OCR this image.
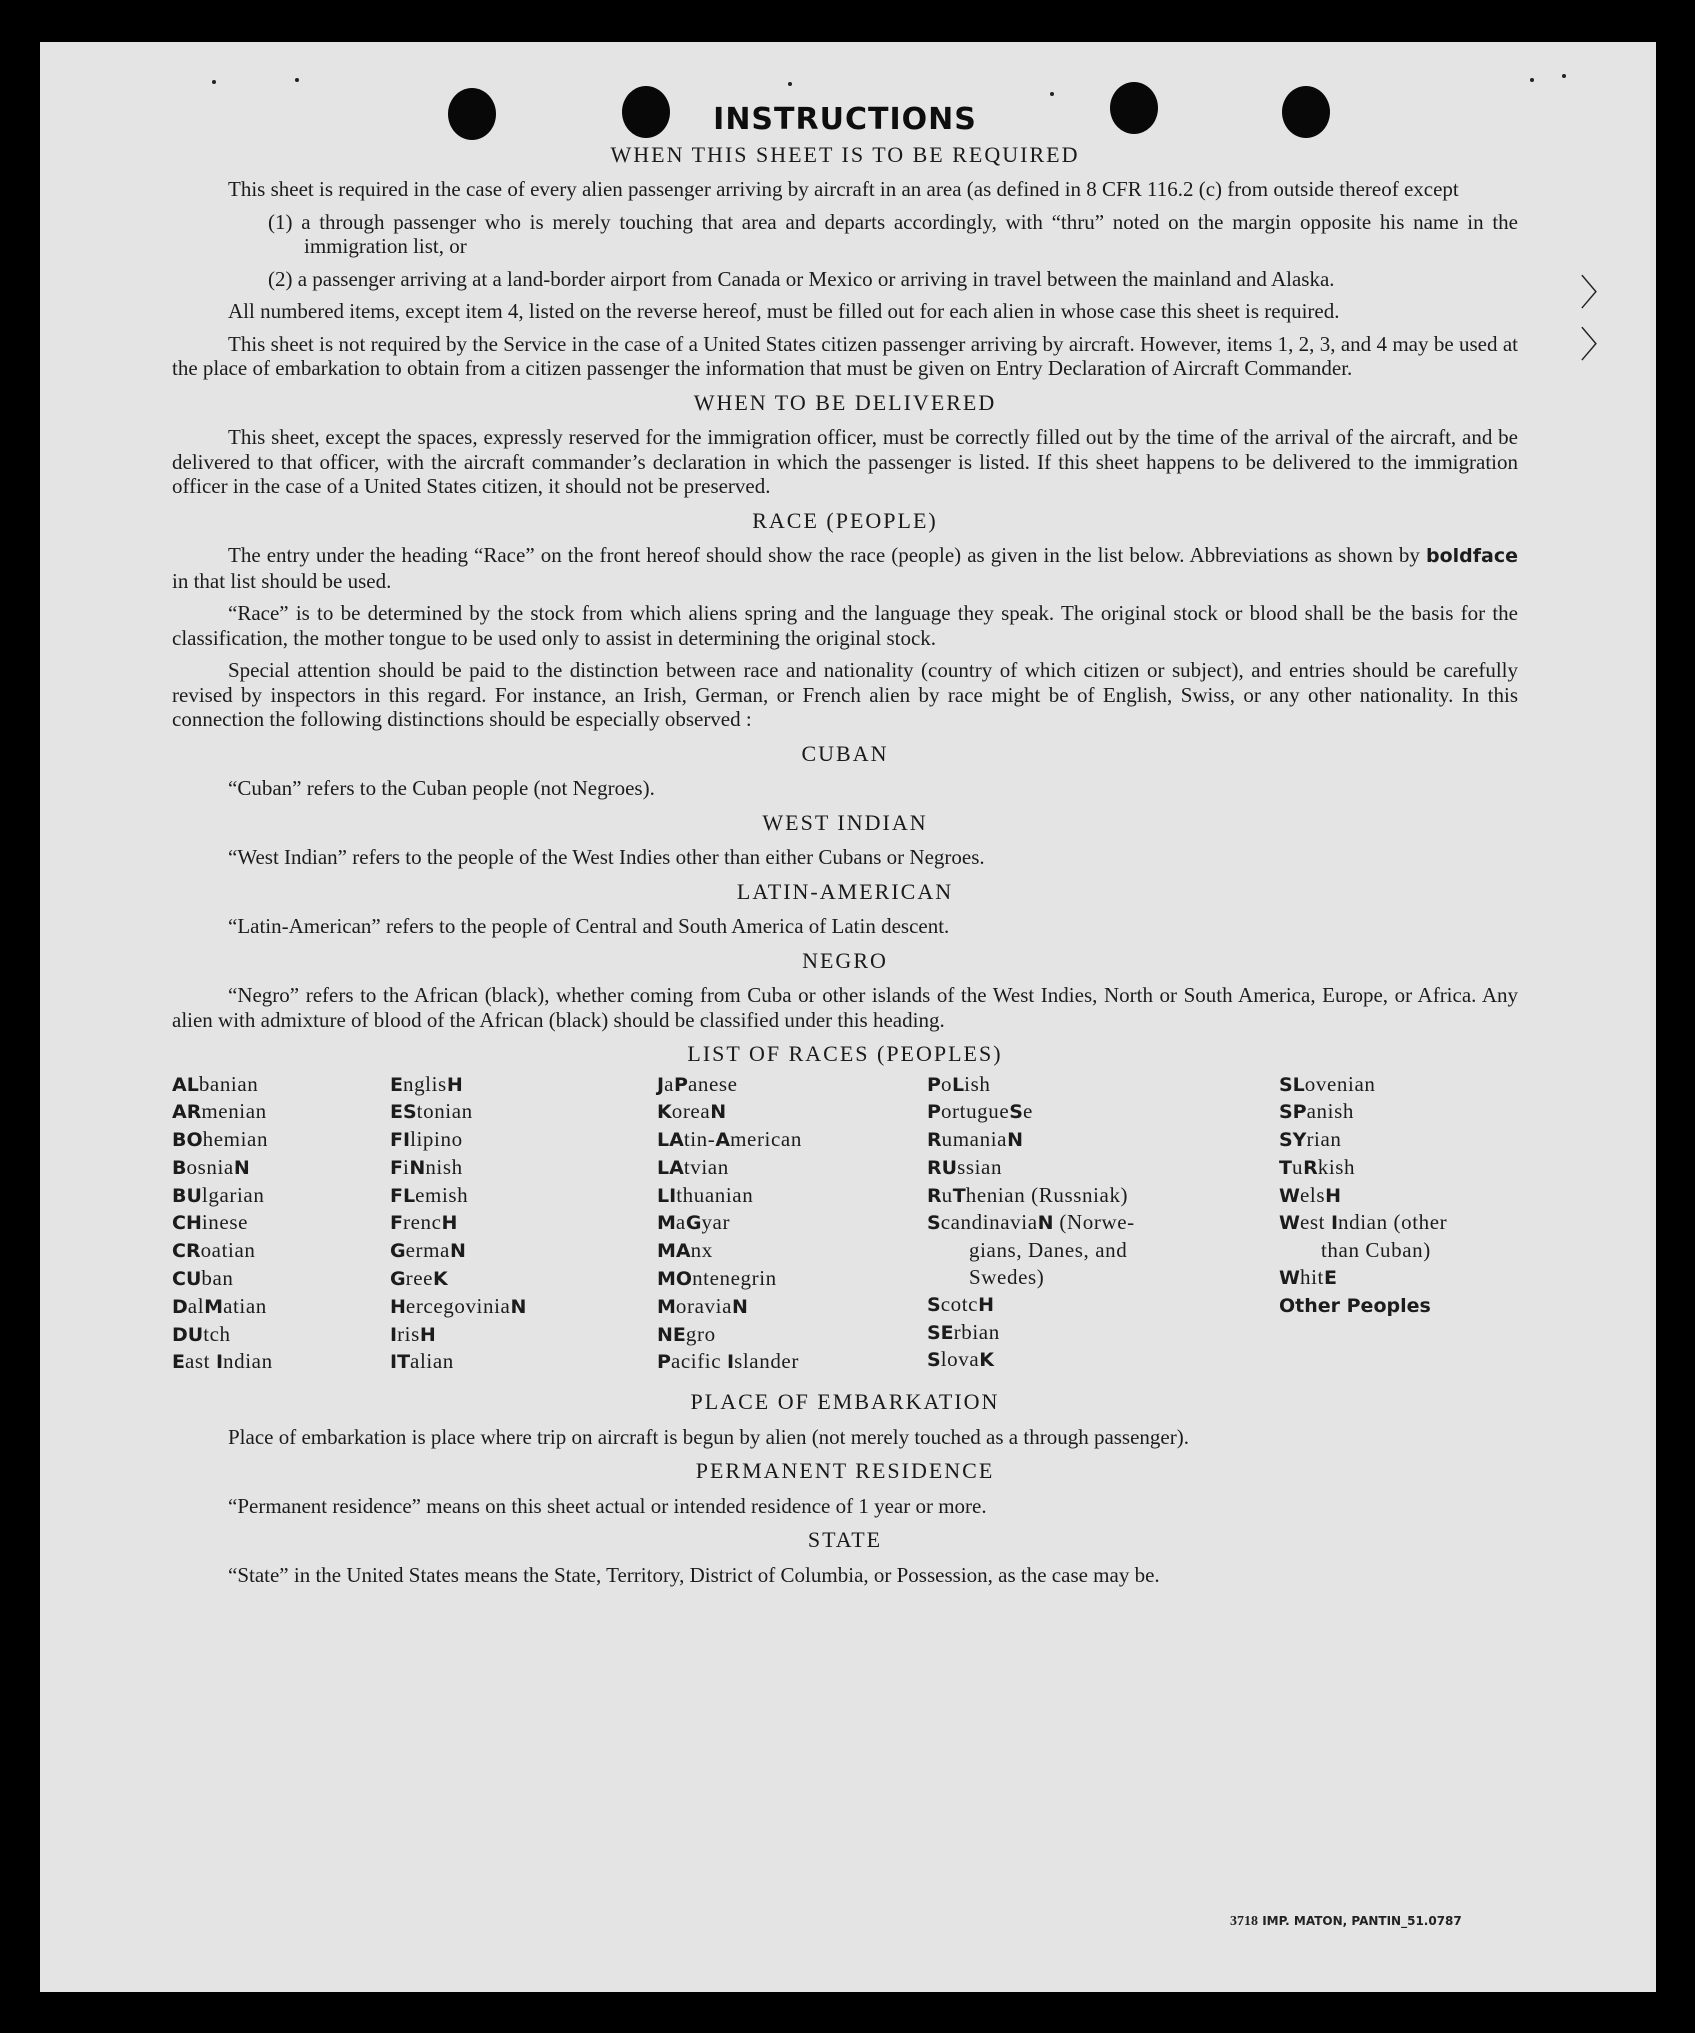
〉
〉
INSTRUCTIONS
WHEN THIS SHEET IS TO BE REQUIRED

This sheet is required in the case of every alien passenger arriving by aircraft in an area (as defined in 8 CFR 116.2 (c) from outside thereof except

(1) a through passenger who is merely touching that area and departs accordingly, with “thru” noted on the margin opposite his name in the immigration list, or

(2) a passenger arriving at a land-border airport from Canada or Mexico or arriving in travel between the mainland and Alaska.

All numbered items, except item 4, listed on the reverse hereof, must be filled out for each alien in whose case this sheet is required.

This sheet is not required by the Service in the case of a United States citizen passenger arriving by aircraft. However, items 1, 2, 3, and 4 may be used at the place of embarkation to obtain from a citizen passenger the information that must be given on Entry Declaration of Aircraft Commander.

WHEN TO BE DELIVERED

This sheet, except the spaces, expressly reserved for the immigration officer, must be correctly filled out by the time of the arrival of the aircraft, and be delivered to that officer, with the aircraft commander’s declaration in which the passenger is listed. If this sheet happens to be delivered to the immigration officer in the case of a United States citizen, it should not be preserved.

RACE (PEOPLE)

The entry under the heading “Race” on the front hereof should show the race (people) as given in the list below. Abbreviations as shown by boldface in that list should be used.

“Race” is to be determined by the stock from which aliens spring and the language they speak. The original stock or blood shall be the basis for the classification, the mother tongue to be used only to assist in determining the original stock.

Special attention should be paid to the distinction between race and nationality (country of which citizen or subject), and entries should be carefully revised by inspectors in this regard. For instance, an Irish, German, or French alien by race might be of English, Swiss, or any other nationality. In this connection the following distinctions should be especially observed :

CUBAN

“Cuban” refers to the Cuban people (not Negroes).

WEST INDIAN

“West Indian” refers to the people of the West Indies other than either Cubans or Negroes.

LATIN-AMERICAN

“Latin-American” refers to the people of Central and South America of Latin descent.

NEGRO

“Negro” refers to the African (black), whether coming from Cuba or other islands of the West Indies, North or South America, Europe, or Africa. Any alien with admixture of blood of the African (black) should be classified under this heading.

LIST OF RACES (PEOPLES)
ALbanian
ARmenian
BOhemian
BosniaN
BUlgarian
CHinese
CRoatian
CUban
DalMatian
DUtch
East Indian
EnglisH
EStonian
FIlipino
FiNnish
FLemish
FrencH
GermaN
GreeK
HercegoviniaN
IrisH
ITalian
JaPanese
KoreaN
LAtin-American
LAtvian
LIthuanian
MaGyar
MAnx
MOntenegrin
MoraviaN
NEgro
Pacific Islander
PoLish
PortugueSe
RumaniaN
RUssian
RuThenian (Russniak)
ScandinaviaN (Norwe-
gians, Danes, and
Swedes)
ScotcH
SErbian
SlovaK
SLovenian
SPanish
SYrian
TuRkish
WelsH
West Indian (other
than Cuban)
WhitE
Other Peoples
PLACE OF EMBARKATION

Place of embarkation is place where trip on aircraft is begun by alien (not merely touched as a through passenger).

PERMANENT RESIDENCE

“Permanent residence” means on this sheet actual or intended residence of 1 year or more.

STATE

“State” in the United States means the State, Territory, District of Columbia, or Possession, as the case may be.

3718 IMP. MATON, PANTIN_51.0787
